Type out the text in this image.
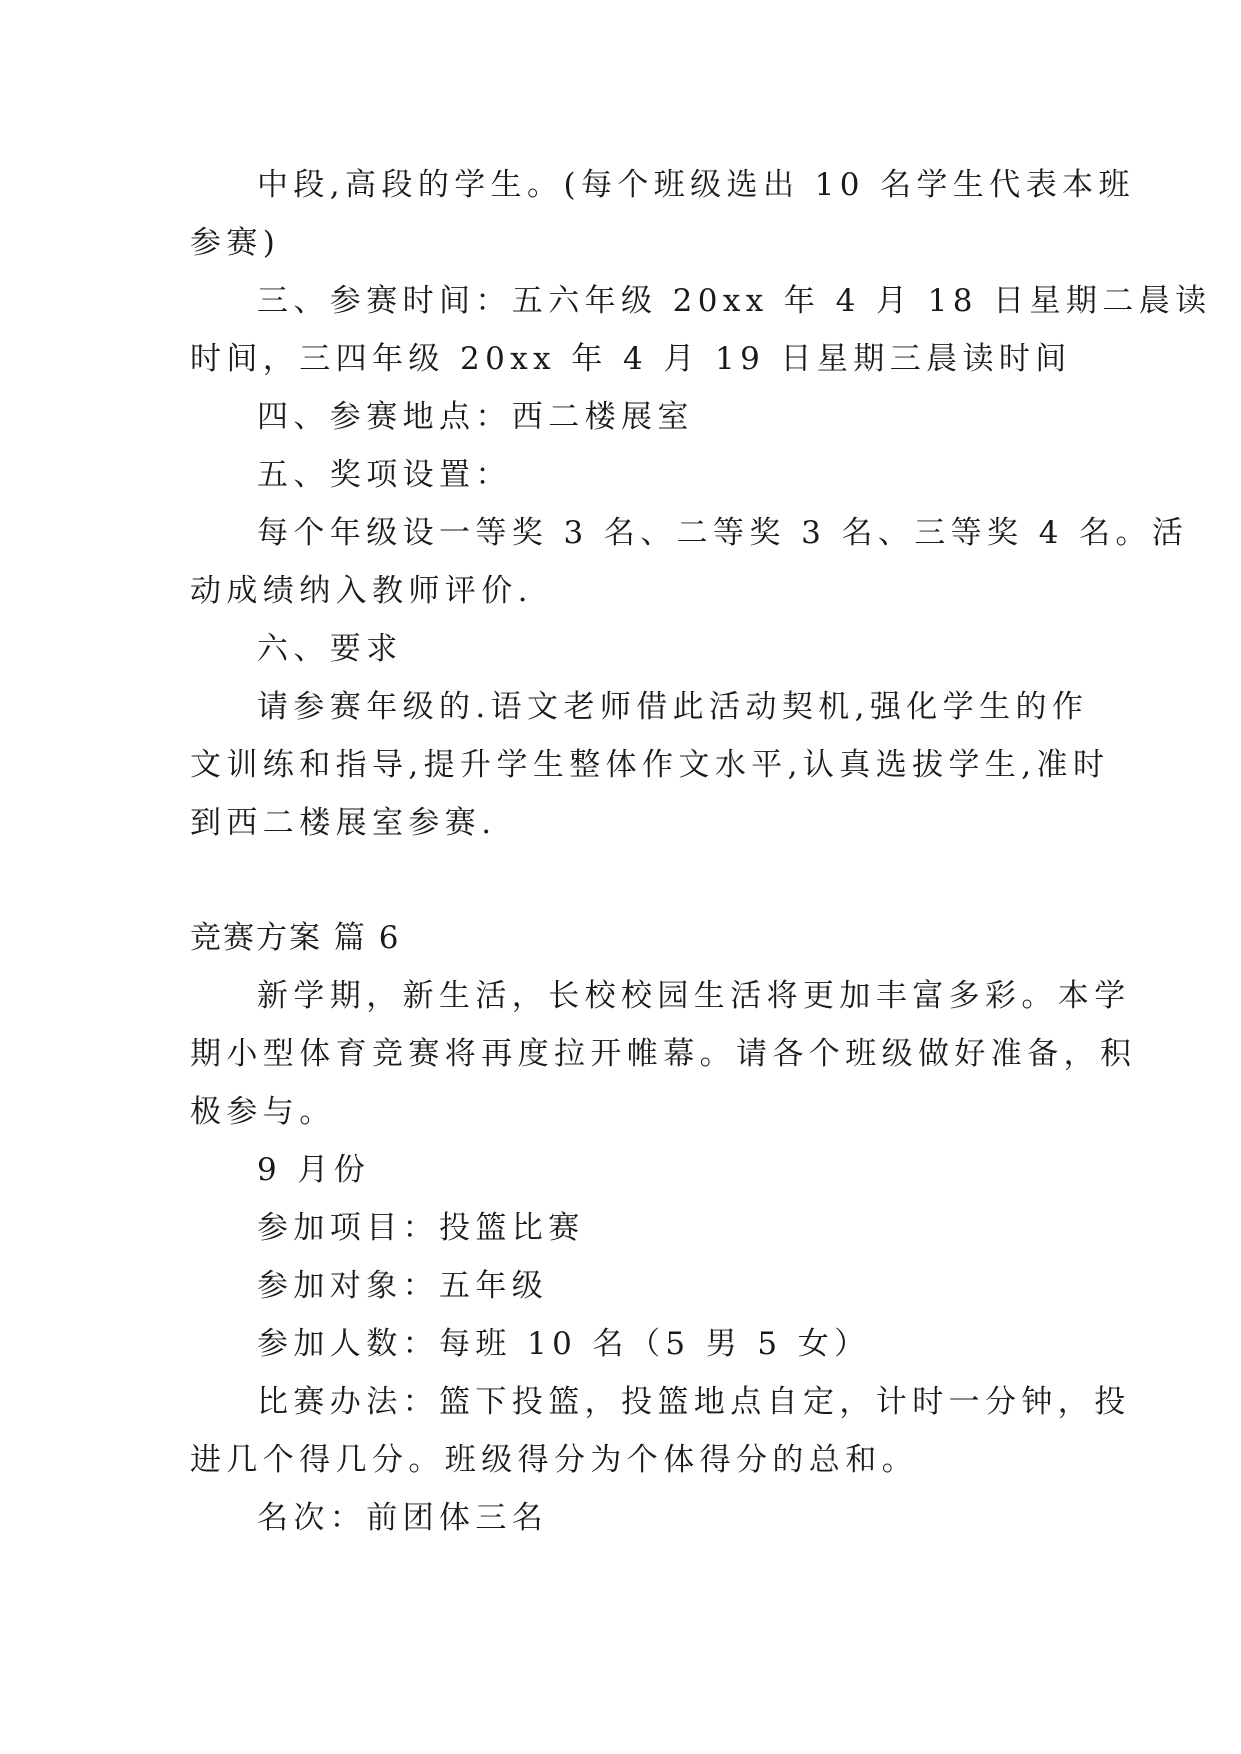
中段,高段的学生。(每个班级选出 10 名学生代表本班
参赛)
三、参赛时间：五六年级 20xx 年 4 月 18 日星期二晨读
时间，三四年级 20xx 年 4 月 19 日星期三晨读时间
四、参赛地点：西二楼展室
五、奖项设置：
每个年级设一等奖 3 名、二等奖 3 名、三等奖 4 名。活
动成绩纳入教师评价.
六、要求
请参赛年级的.语文老师借此活动契机,强化学生的作
文训练和指导,提升学生整体作文水平,认真选拔学生,准时
到西二楼展室参赛.
竞赛方案 篇 6
新学期，新生活，长校校园生活将更加丰富多彩。本学
期小型体育竞赛将再度拉开帷幕。请各个班级做好准备，积
极参与。
9 月份
参加项目：投篮比赛
参加对象：五年级
参加人数：每班 10 名（5 男 5 女）
比赛办法：篮下投篮，投篮地点自定，计时一分钟，投
进几个得几分。班级得分为个体得分的总和。
名次：前团体三名
